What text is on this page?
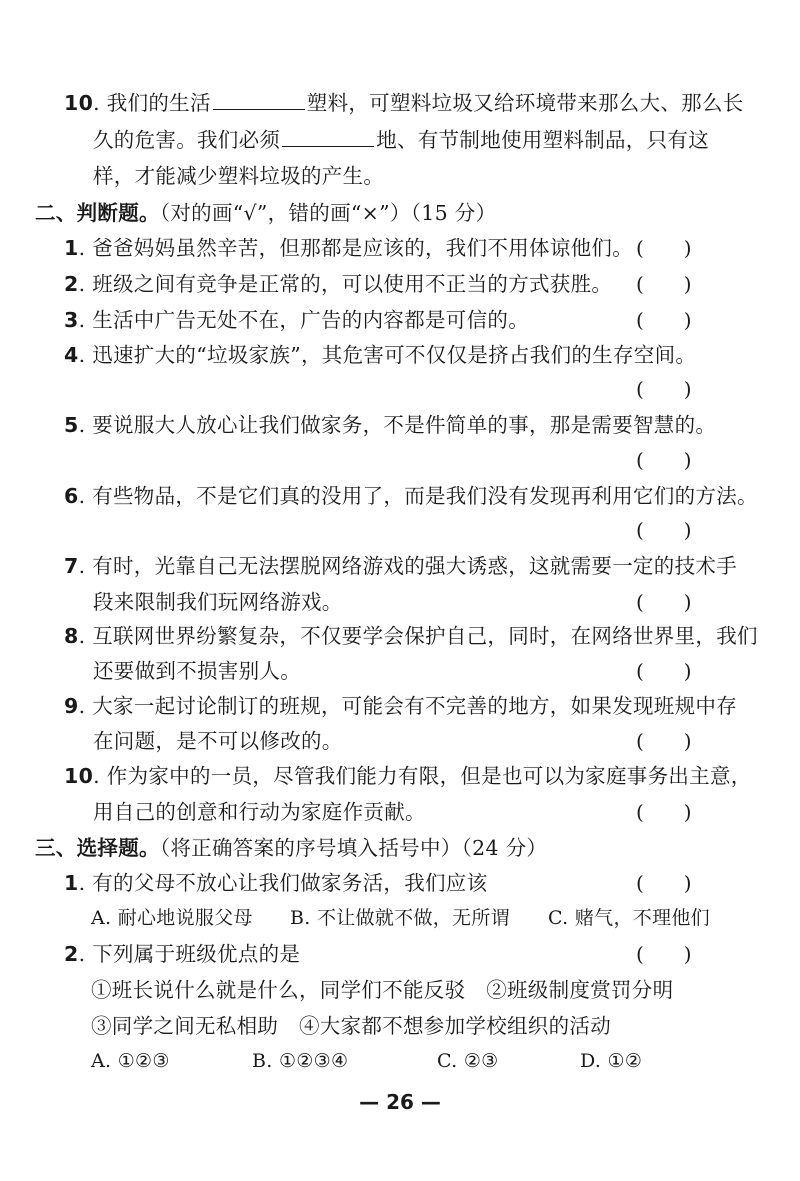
10. 我们的生活	塑料，可塑料垃圾又给环境带来那么大、那么长
久的危害。我们必须	地、有节制地使用塑料制品，只有这
样，才能减少塑料垃圾的产生。
二、判断题。（对的画“√”，错的画“×”）（15 分）
1. 爸爸妈妈虽然辛苦，但那都是应该的，我们不用体谅他们。 (　　)
2. 班级之间有竞争是正常的，可以使用不正当的方式获胜。 (　　)
3. 生活中广告无处不在，广告的内容都是可信的。	(　　)
4. 迅速扩大的“垃圾家族”，其危害可不仅仅是挤占我们的生存空间。
(　　)
5. 要说服大人放心让我们做家务，不是件简单的事，那是需要智慧的。
(　　)
6. 有些物品，不是它们真的没用了，而是我们没有发现再利用它们的方法。
(　　)
7. 有时，光靠自己无法摆脱网络游戏的强大诱惑，这就需要一定的技术手
段来限制我们玩网络游戏。	(　　)
8. 互联网世界纷繁复杂，不仅要学会保护自己，同时，在网络世界里，我们
还要做到不损害别人。	(　　)
9. 大家一起讨论制订的班规，可能会有不完善的地方，如果发现班规中存
在问题，是不可以修改的。	(　　)
10. 作为家中的一员，尽管我们能力有限，但是也可以为家庭事务出主意，
用自己的创意和行动为家庭作贡献。	(　　)
三、选择题。（将正确答案的序号填入括号中）（24 分）
1. 有的父母不放心让我们做家务活，我们应该	(　　)
A. 耐心地说服父母 B. 不让做就不做，无所谓 C. 赌气，不理他们
2. 下列属于班级优点的是	(　　)
①班长说什么就是什么，同学们不能反驳　②班级制度赏罚分明
③同学之间无私相助　④大家都不想参加学校组织的活动
A. ①②③	B. ①②③④	C. ②③	D. ①②
— 26 —
